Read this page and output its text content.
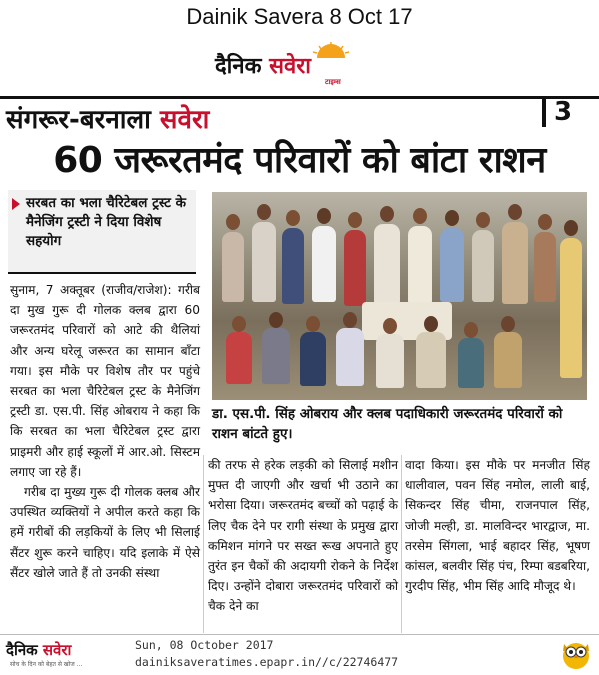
Dainik Savera 8 Oct 17
दैनिक सवेरा
टाइम्स
संगरूर-बरनाला सवेरा	3
60 जरूरतमंद परिवारों को बांटा राशन
सरबत का भला चैरिटेबल ट्रस्ट के मैनेजिंग ट्रस्टी ने दिया विशेष सहयोग
डा. एस.पी. सिंह ओबराय और क्लब पदाधिकारी जरूरतमंद परिवारों को राशन बांटते हुए।

सुनाम, 7 अक्तूबर (राजीव/राजेश): गरीब दा मुख गुरू दी गोलक क्लब द्वारा 60 जरूरतमंद परिवारों को आटे की थैलियां और अन्य घरेलू जरूरत का सामान बाँटा गया। इस मौके पर विशेष तौर पर पहुंचे सरबत का भला चैरिटेबल ट्रस्ट के मैनेजिंग ट्रस्टी डा. एस.पी. सिंह ओबराय ने कहा कि कि सरबत का भला चैरिटेबल ट्रस्ट द्वारा प्राइमरी और हाई स्कूलों में आर.ओ. सिस्टम लगाए जा रहे हैं।

गरीब दा मुख्य गुरू दी गोलक क्लब और उपस्थित व्यक्तियों ने अपील करते कहा कि हमें गरीबों की लड़कियों के लिए भी सिलाई सैंटर शुरू करने चाहिए। यदि इलाके में ऐसे सैंटर खोले जाते हैं तो उनकी संस्था

की तरफ से हरेक लड़की को सिलाई मशीन मुफ्त दी जाएगी और खर्चा भी उठाने का भरोसा दिया। जरूरतमंद बच्चों को पढ़ाई के लिए चैक देने पर रागी संस्था के प्रमुख द्वारा कमिशन मांगने पर सख्त रूख अपनाते हुए तुरंत इन चैकों की अदायगी रोकने के निर्देश दिए। उन्होंने दोबारा जरूरतमंद परिवारों को चैक देने का

वादा किया। इस मौके पर मनजीत सिंह धालीवाल, पवन सिंह नमोल, लाली बाई, सिकन्दर सिंह चीमा, राजनपाल सिंह, जोजी मल्ही, डा. मालविन्दर भारद्वाज, मा. तरसेम सिंगला, भाई बहादर सिंह, भूषण कांसल, बलवीर सिंह पंच, रिम्पा बडबरिया, गुरदीप सिंह, भीम सिंह आदि मौजूद थे।

दैनिक सवेरा
सोच के दिन को बेहत से खोज ...
Sun, 08 October 2017
dainiksaveratimes.epapr.in//c/22746477
